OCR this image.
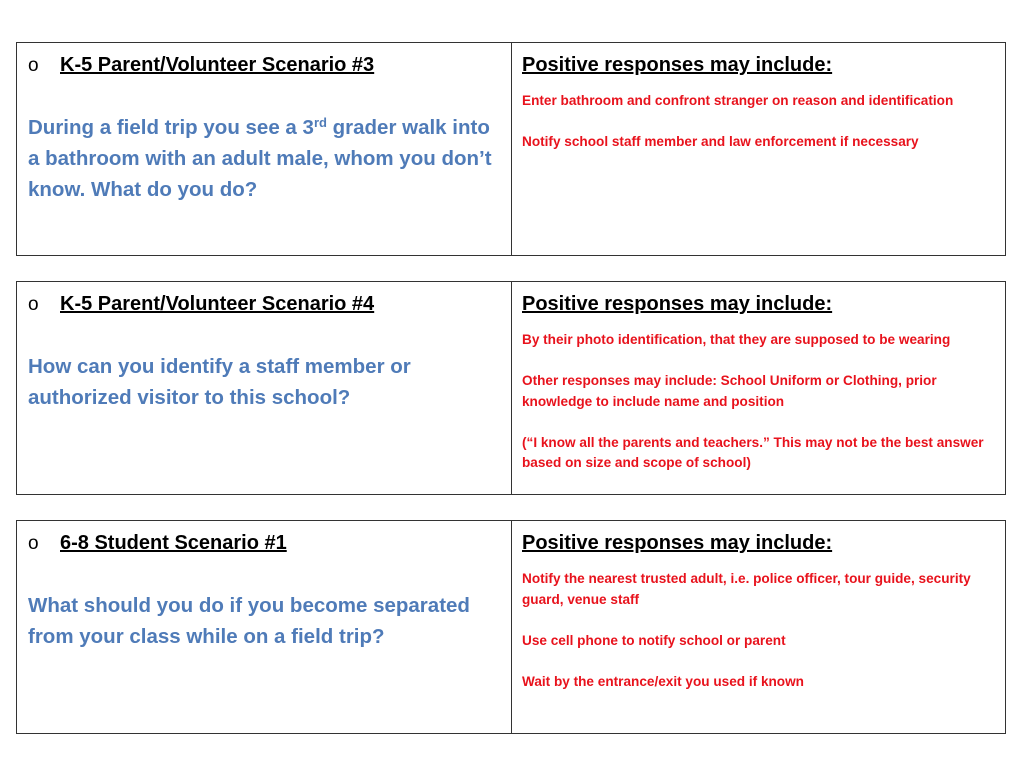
o	K-5 Parent/Volunteer Scenario #3
During a field trip you see a 3rd grader walk into a bathroom with an adult male, whom you don’t know. What do you do?
Positive responses may include:
Enter bathroom and confront stranger on reason and identification
Notify school staff member and law enforcement if necessary
o	K-5 Parent/Volunteer Scenario #4
How can you identify a staff member or authorized visitor to this school?
Positive responses may include:
By their photo identification, that they are supposed to be wearing
Other responses may include: School Uniform or Clothing, prior knowledge to include name and position
(“I know all the parents and teachers.” This may not be the best answer based on size and scope of school)
o	6-8 Student Scenario #1
What should you do if you become separated from your class while on a field trip?
Positive responses may include:
Notify the nearest trusted adult, i.e. police officer, tour guide, security guard, venue staff
Use cell phone to notify school or parent
Wait by the entrance/exit you used if known
